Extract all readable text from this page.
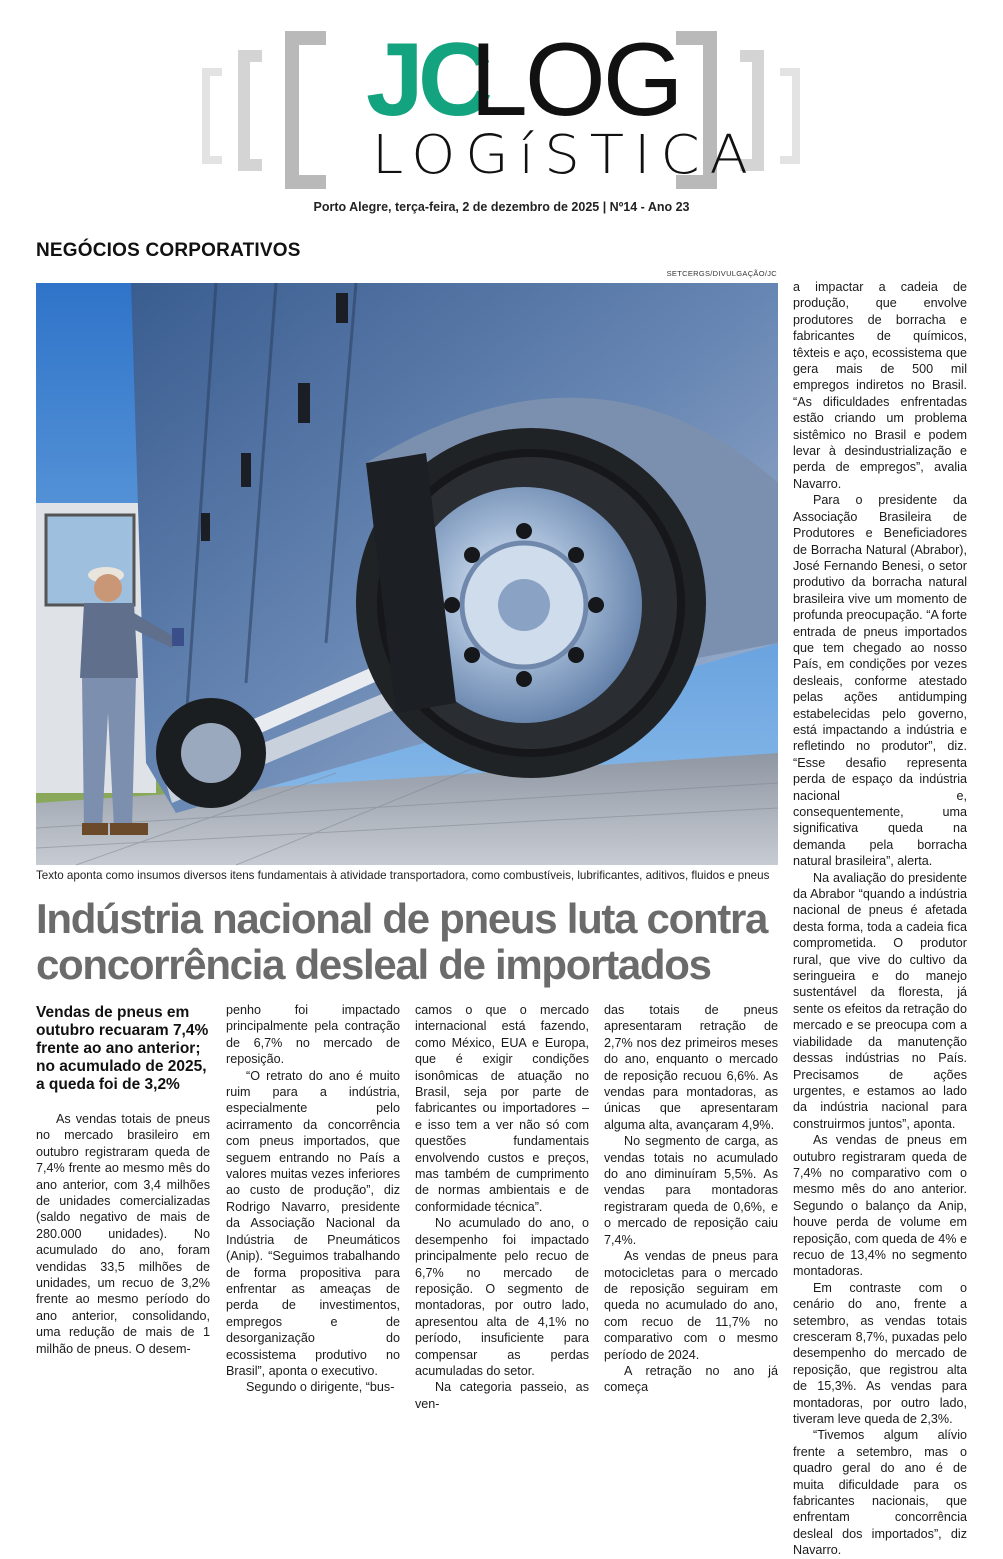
JC
LOG
LOGíSTICA
Porto Alegre, terça-feira, 2 de dezembro de 2025 | Nº14 - Ano 23
NEGÓCIOS CORPORATIVOS
SETCERGS/DIVULGAÇÃO/JC
Texto aponta como insumos diversos itens fundamentais à atividade transportadora, como combustíveis, lubrificantes, aditivos, fluidos e pneus
Indústria nacional de pneus luta contra concorrência desleal de importados
Vendas de pneus em outubro recuaram 7,4% frente ao ano anterior; no acumulado de 2025, a queda foi de 3,2%

As vendas totais de pneus no mercado brasileiro em outubro registraram queda de 7,4% frente ao mesmo mês do ano anterior, com 3,4 milhões de unidades comercializadas (saldo negativo de mais de 280.000 unidades). No acumulado do ano, foram vendidas 33,5 milhões de unidades, um recuo de 3,2% frente ao mesmo período do ano anterior, consolidando, uma redução de mais de 1 milhão de pneus. O desem-

penho foi impactado principalmente pela contração de 6,7% no mercado de reposição.

“O retrato do ano é muito ruim para a indústria, especialmente pelo acirramento da concorrência com pneus importados, que seguem entrando no País a valores muitas vezes inferiores ao custo de produção”, diz Rodrigo Navarro, presidente da Associação Nacional da Indústria de Pneumáticos (Anip). “Seguimos trabalhando de forma propositiva para enfrentar as ameaças de perda de investimentos, empregos e de desorganização do ecossistema produtivo no Brasil”, aponta o executivo.

Segundo o dirigente, “bus-

camos o que o mercado internacional está fazendo, como México, EUA e Europa, que é exigir condições isonômicas de atuação no Brasil, seja por parte de fabricantes ou importadores – e isso tem a ver não só com questões fundamentais envolvendo custos e preços, mas também de cumprimento de normas ambientais e de conformidade técnica”.

No acumulado do ano, o desempenho foi impactado principalmente pelo recuo de 6,7% no mercado de reposição. O segmento de montadoras, por outro lado, apresentou alta de 4,1% no período, insuficiente para compensar as perdas acumuladas do setor.

Na categoria passeio, as ven-

das totais de pneus apresentaram retração de 2,7% nos dez primeiros meses do ano, enquanto o mercado de reposição recuou 6,6%. As vendas para montadoras, as únicas que apresentaram alguma alta, avançaram 4,9%.

No segmento de carga, as vendas totais no acumulado do ano diminuíram 5,5%. As vendas para montadoras registraram queda de 0,6%, e o mercado de reposição caiu 7,4%.

As vendas de pneus para motocicletas para o mercado de reposição seguiram em queda no acumulado do ano, com recuo de 11,7% no comparativo com o mesmo período de 2024.

A retração no ano já começa

a impactar a cadeia de produção, que envolve produtores de borracha e fabricantes de químicos, têxteis e aço, ecossistema que gera mais de 500 mil empregos indiretos no Brasil. “As dificuldades enfrentadas estão criando um problema sistêmico no Brasil e podem levar à desindustrialização e perda de empregos”, avalia Navarro.

Para o presidente da Associação Brasileira de Produtores e Beneficiadores de Borracha Natural (Abrabor), José Fernando Benesi, o setor produtivo da borracha natural brasileira vive um momento de profunda preocupação. “A forte entrada de pneus importados que tem chegado ao nosso País, em condições por vezes desleais, conforme atestado pelas ações antidumping estabelecidas pelo governo, está impactando a indústria e refletindo no produtor”, diz. “Esse desafio representa perda de espaço da indústria nacional e, consequentemente, uma significativa queda na demanda pela borracha natural brasileira”, alerta.

Na avaliação do presidente da Abrabor “quando a indústria nacional de pneus é afetada desta forma, toda a cadeia fica comprometida. O produtor rural, que vive do cultivo da seringueira e do manejo sustentável da floresta, já sente os efeitos da retração do mercado e se preocupa com a viabilidade da manutenção dessas indústrias no País. Precisamos de ações urgentes, e estamos ao lado da indústria nacional para construirmos juntos”, aponta.

As vendas de pneus em outubro registraram queda de 7,4% no comparativo com o mesmo mês do ano anterior. Segundo o balanço da Anip, houve perda de volume em reposição, com queda de 4% e recuo de 13,4% no segmento montadoras.

Em contraste com o cenário do ano, frente a setembro, as vendas totais cresceram 8,7%, puxadas pelo desempenho do mercado de reposição, que registrou alta de 15,3%. As vendas para montadoras, por outro lado, tiveram leve queda de 2,3%.

“Tivemos algum alívio frente a setembro, mas o quadro geral do ano é de muita dificuldade para os fabricantes nacionais, que enfrentam concorrência desleal dos importados”, diz Navarro.
